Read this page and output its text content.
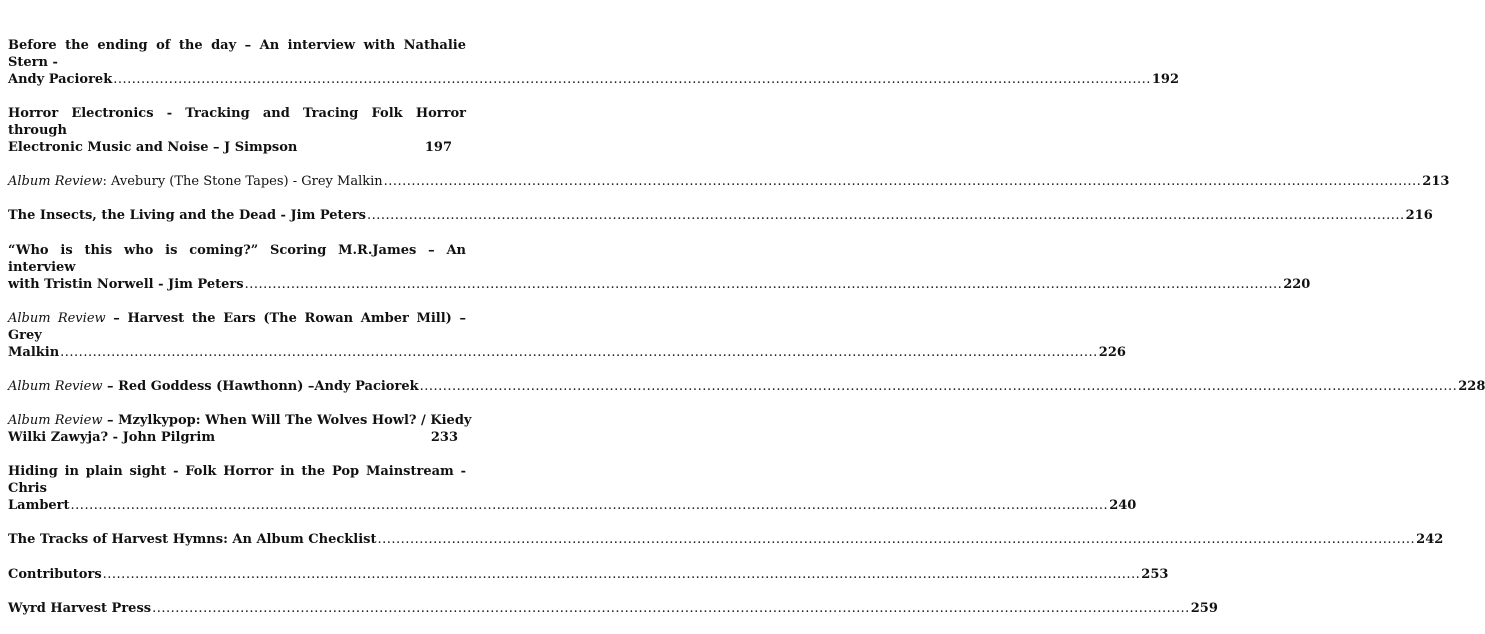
Before the ending of the day – An interview with Nathalie Stern -
Andy Paciorek .....	192
Horror Electronics - Tracking and Tracing Folk Horror through
Electronic Music and Noise – J Simpson	197
Album Review: Avebury (The Stone Tapes) - Grey Malkin .....	213
The Insects, the Living and the Dead - Jim Peters .....	216
“Who is this who is coming?” Scoring M.R.James – An interview
with Tristin Norwell - Jim Peters .....	220
Album Review – Harvest the Ears (The Rowan Amber Mill) – Grey
Malkin .....	226
Album Review – Red Goddess (Hawthonn) –Andy Paciorek .....	228
Album Review – Mzylkypop: When Will The Wolves Howl? / Kiedy
Wilki Zawyja? - John Pilgrim	233
Hiding in plain sight - Folk Horror in the Pop Mainstream - Chris
Lambert .....	240
The Tracks of Harvest Hymns: An Album Checklist .....	242
Contributors .....	253
Wyrd Harvest Press .....	259
